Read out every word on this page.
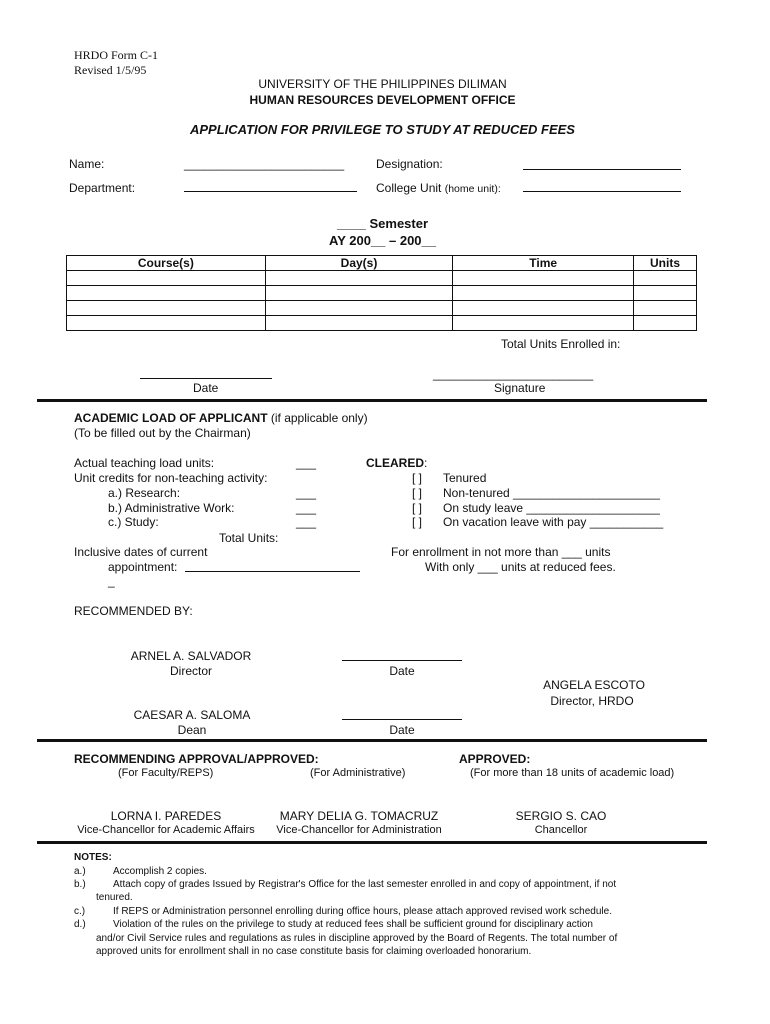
HRDO Form C-1
Revised 1/5/95
UNIVERSITY OF THE PHILIPPINES DILIMAN
HUMAN RESOURCES DEVELOPMENT OFFICE
APPLICATION FOR PRIVILEGE TO STUDY AT REDUCED FEES
Name:	________________________	Designation:
Department:	College Unit (home unit):
____ Semester
AY 200__ – 200__
Course(s)	Day(s)	Time	Units

Total Units Enrolled in:
Date
________________________
Signature
ACADEMIC LOAD OF APPLICANT (if applicable only)
(To be filled out by the Chairman)
Actual teaching load units:	___
Unit credits for non-teaching activity:
a.) Research:	___
b.) Administrative Work:	___
c.) Study:	___
Total Units:
Inclusive dates of current
appointment:
_
CLEARED:
[ ] Tenured
[ ] Non-tenured ______________________
[ ] On study leave ____________________
[ ] On vacation leave with pay ___________
For enrollment in not more than ___ units
With only ___ units at reduced fees.
RECOMMENDED BY:
ARNEL A. SALVADOR
Director	Date
ANGELA ESCOTO
Director, HRDO
CAESAR A. SALOMA
Dean	Date
RECOMMENDING APPROVAL/APPROVED:	APPROVED:
(For Faculty/REPS)	(For Administrative)	(For more than 18 units of academic load)
LORNA I. PAREDES
Vice-Chancellor for Academic Affairs
MARY DELIA G. TOMACRUZ
Vice-Chancellor for Administration
SERGIO S. CAO
Chancellor
NOTES:
a.)	Accomplish 2 copies.
b.)	Attach copy of grades Issued by Registrar's Office for the last semester enrolled in and copy of appointment, if not
tenured.
c.)	If REPS or Administration personnel enrolling during office hours, please attach approved revised work schedule.
d.)	Violation of the rules on the privilege to study at reduced fees shall be sufficient ground for disciplinary action
and/or Civil Service rules and regulations as rules in discipline approved by the Board of Regents. The total number of
approved units for enrollment shall in no case constitute basis for claiming overloaded honorarium.
